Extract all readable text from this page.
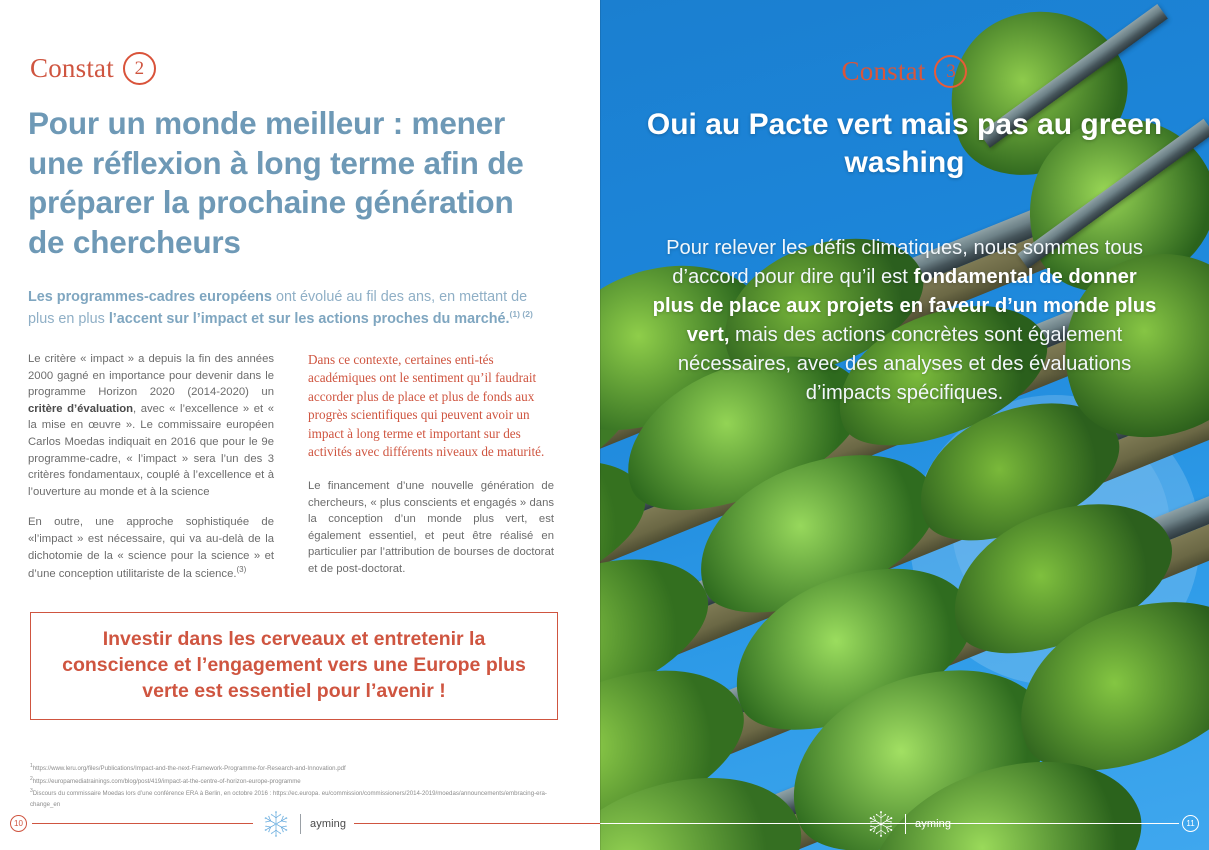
Constat	2
Pour un monde meilleur : mener une réflexion à long terme afin de préparer la prochaine génération de chercheurs

Les programmes-cadres européens ont évolué au fil des ans, en mettant de plus en plus l’accent sur l’impact et sur les actions proches du marché.$^{(1) (2)}$

Le critère « impact » a depuis la fin des années 2000 gagné en importance pour devenir dans le programme Horizon 2020 (2014-2020) un critère d’évaluation, avec « l’excellence » et « la mise en œuvre ». Le commissaire européen Carlos Moedas indiquait en 2016 que pour le 9e programme-cadre, « l’impact » sera l’un des 3 critères fondamentaux, couplé à l’excellence et à l’ouverture au monde et à la science

En outre, une approche sophistiquée de «l’impact » est nécessaire, qui va au-delà de la dichotomie de la « science pour la science » et d’une conception utilitariste de la science.$^{(3)}$

Dans ce contexte, certaines enti-tés académiques ont le sentiment qu’il faudrait accorder plus de place et plus de fonds aux progrès scientifiques qui peuvent avoir un impact à long terme et important sur des activités avec différents niveaux de maturité.

Le financement d’une nouvelle génération de chercheurs, « plus conscients et engagés » dans la conception d’un monde plus vert, est également essentiel, et peut être réalisé en particulier par l’attribution de bourses de doctorat et de post-doctorat.

Investir dans les cerveaux et entretenir la conscience et l’engagement vers une Europe plus verte est essentiel pour l’avenir !
$^1$https://www.leru.org/files/Publications/Impact-and-the-next-Framework-Programme-for-Research-and-Innovation.pdf
$^2$https://europamediatrainings.com/blog/post/419/impact-at-the-centre-of-horizon-europe-programme
$^3$Discours du commissaire Moedas lors d’une conférence ERA à Berlin, en octobre 2016 : https://ec.europa. eu/commission/commissioners/2014-2019/moedas/announcements/embracing-era-change_en
10	ayming
Constat	3
Oui au Pacte vert mais pas au green washing

Pour relever les défis climatiques, nous sommes tous d’accord pour dire qu’il est fondamental de donner plus de place aux projets en faveur d’un monde plus vert, mais des actions concrètes sont également nécessaires, avec des analyses et des évaluations d’impacts spécifiques.

11
ayming
